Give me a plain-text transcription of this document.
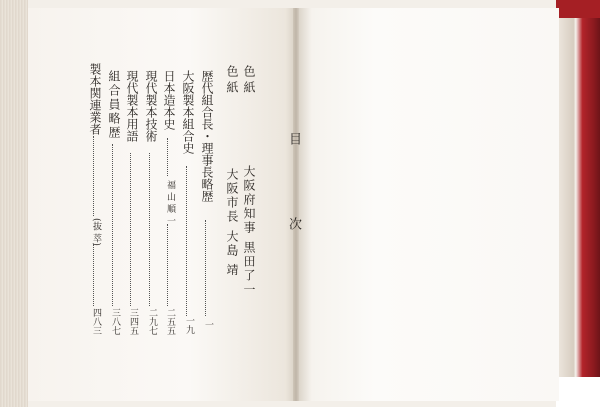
目 次
色 紙
大阪府知事 黒田了一
色 紙
大阪市長 大島 靖
歴代組合長・理事長略歴
一
大阪製本組合史
一九
日本造本史
福山順一
二五五
現代製本技術
二九七
現代製本用語
三四五
組合員略歴
三八七
製本関連業者
(抜 萃)
四八三
